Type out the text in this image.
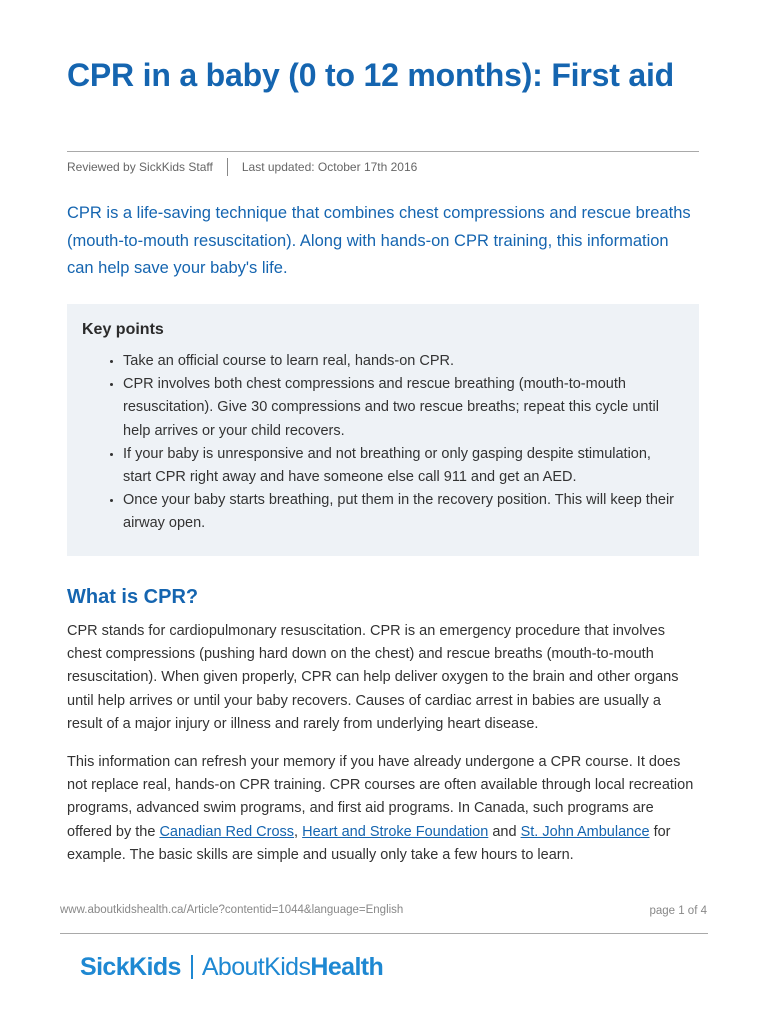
CPR in a baby (0 to 12 months): First aid
Reviewed by SickKids Staff Last updated: October 17th 2016

CPR is a life-saving technique that combines chest compressions and rescue breaths (mouth-to-mouth resuscitation). Along with hands-on CPR training, this information can help save your baby's life.

Key points
• Take an official course to learn real, hands-on CPR.
• CPR involves both chest compressions and rescue breathing (mouth-to-mouth resuscitation). Give 30 compressions and two rescue breaths; repeat this cycle until help arrives or your child recovers.
• If your baby is unresponsive and not breathing or only gasping despite stimulation, start CPR right away and have someone else call 911 and get an AED.
• Once your baby starts breathing, put them in the recovery position. This will keep their airway open.
What is CPR?

CPR stands for cardiopulmonary resuscitation. CPR is an emergency procedure that involves chest compressions (pushing hard down on the chest) and rescue breaths (mouth-to-mouth resuscitation). When given properly, CPR can help deliver oxygen to the brain and other organs until help arrives or until your baby recovers. Causes of cardiac arrest in babies are usually a result of a major injury or illness and rarely from underlying heart disease.

This information can refresh your memory if you have already undergone a CPR course. It does not replace real, hands-on CPR training. CPR courses are often available through local recreation programs, advanced swim programs, and first aid programs. In Canada, such programs are offered by the Canadian Red Cross, Heart and Stroke Foundation and St. John Ambulance for example. The basic skills are simple and usually only take a few hours to learn.

www.aboutkidshealth.ca/Article?contentid=1044&language=English	page 1 of 4
SickKids AboutKids Health
